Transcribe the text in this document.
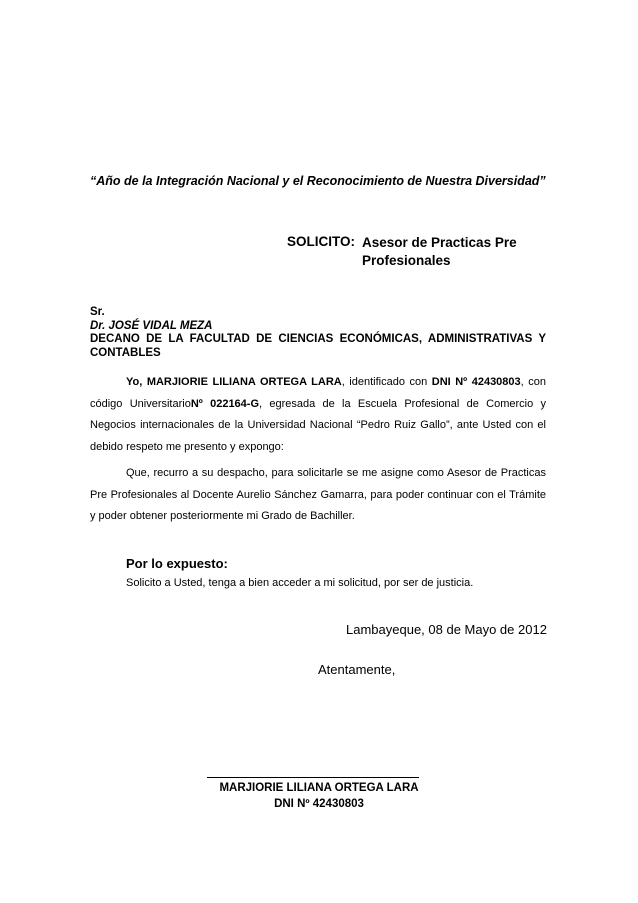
“Año de la Integración Nacional y el Reconocimiento de Nuestra Diversidad”
SOLICITO: Asesor de Practicas Pre Profesionales
Sr.
Dr. JOSÉ VIDAL MEZA
DECANO DE LA FACULTAD DE CIENCIAS ECONÓMICAS, ADMINISTRATIVAS Y
CONTABLES
Yo, MARJIORIE LILIANA ORTEGA LARA, identificado con DNI Nº 42430803, con código UniversitarioNº 022164-G, egresada de la Escuela Profesional de Comercio y Negocios internacionales de la Universidad Nacional “Pedro Ruiz Gallo”, ante Usted con el debido respeto me presento y expongo:
Que, recurro a su despacho, para solicitarle se me asigne como Asesor de Practicas Pre Profesionales al Docente Aurelio Sánchez Gamarra, para poder continuar con el Trámite y poder obtener posteriormente mi Grado de Bachiller.
Por lo expuesto:
Solicito a Usted, tenga a bien acceder a mi solicitud, por ser de justicia.
Lambayeque, 08 de Mayo de 2012
Atentamente,
MARJIORIE LILIANA ORTEGA LARA
DNI Nº 42430803
